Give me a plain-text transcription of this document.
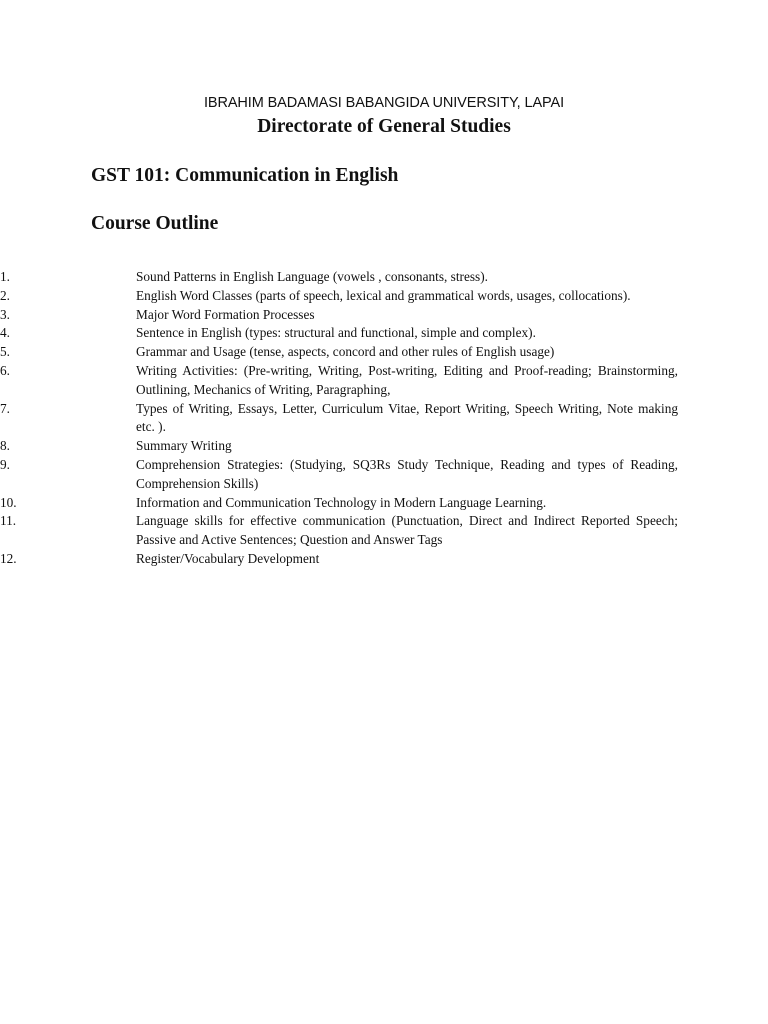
IBRAHIM BADAMASI BABANGIDA UNIVERSITY, LAPAI

Directorate of General Studies

GST 101: Communication in English

Course Outline

1.	Sound Patterns in English Language (vowels , consonants, stress).
2.	English Word Classes (parts of speech, lexical and grammatical words, usages, collocations).
3.	Major Word Formation Processes
4.	Sentence in English (types: structural and functional, simple and complex).
5.	Grammar and Usage (tense, aspects, concord and other rules of English usage)
6.	Writing Activities: (Pre-writing, Writing, Post-writing, Editing and Proof-reading; Brainstorming, Outlining, Mechanics of Writing, Paragraphing,
7.	Types of Writing, Essays, Letter, Curriculum Vitae, Report Writing, Speech Writing, Note making etc. ).
8.	Summary Writing
9.	Comprehension Strategies: (Studying, SQ3Rs Study Technique, Reading and types of Reading, Comprehension Skills)
10.	Information and Communication Technology in Modern Language Learning.
11.	Language skills for effective communication (Punctuation, Direct and Indirect Reported Speech; Passive and Active Sentences; Question and Answer Tags
12.	Register/Vocabulary Development
